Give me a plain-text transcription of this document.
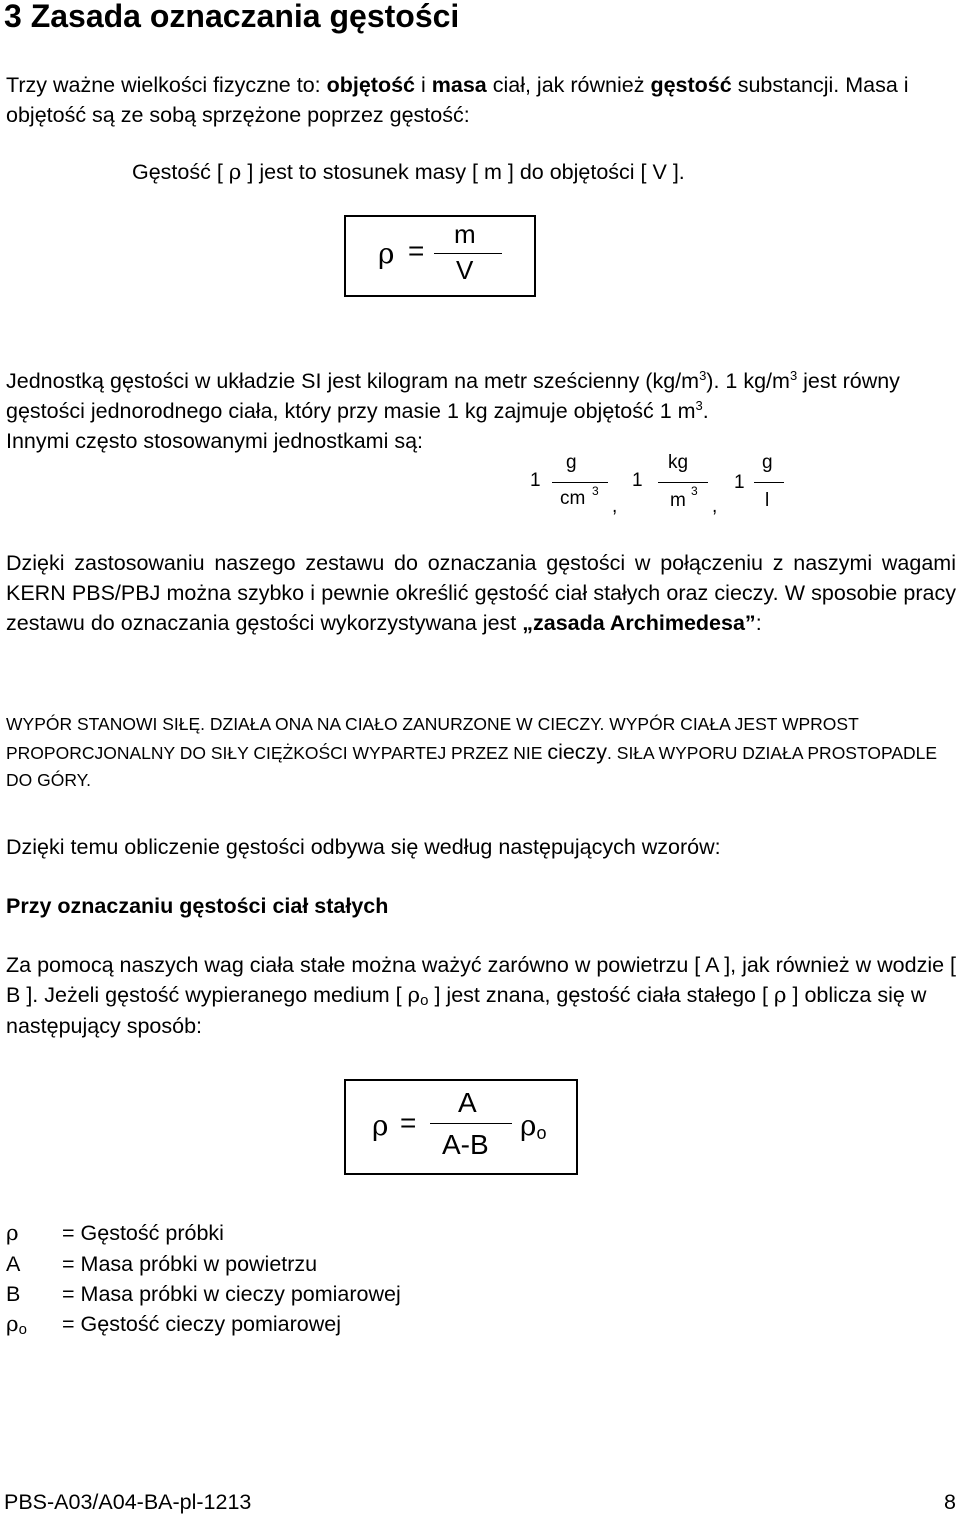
3 Zasada oznaczania gęstości
Trzy ważne wielkości fizyczne to: objętość i masa ciał, jak również gęstość substancji. Masa i objętość są ze sobą sprzężone poprzez gęstość:
Gęstość [ ρ ] jest to stosunek masy [ m ] do objętości [ V ].
ρ =
m
V
Jednostką gęstości w układzie SI jest kilogram na metr sześcienny $(kg/m^3)$. 1 $kg/m^3$ jest równy gęstości jednorodnego ciała, który przy masie 1 kg zajmuje objętość 1 $m^3$.
Innymi często stosowanymi jednostkami są:
1
g
cm 3
,
1
kg
m 3
,
1
g
l
Dzięki zastosowaniu naszego zestawu do oznaczania gęstości w połączeniu z naszymi wagami KERN PBS/PBJ można szybko i pewnie określić gęstość ciał stałych oraz cieczy. W sposobie pracy zestawu do oznaczania gęstości wykorzystywana jest „zasada Archimedesa”:
WYPÓR STANOWI SIŁĘ. DZIAŁA ONA NA CIAŁO ZANURZONE W CIECZY. WYPÓR CIAŁA JEST WPROST PROPORCJONALNY DO SIŁY CIĘŻKOŚCI WYPARTEJ PRZEZ NIE cieczy. SIŁA WYPORU DZIAŁA PROSTOPADLE DO GÓRY.
Dzięki temu obliczenie gęstości odbywa się według następujących wzorów:
Przy oznaczaniu gęstości ciał stałych
Za pomocą naszych wag ciała stałe można ważyć zarówno w powietrzu [ A ], jak również w wodzie [ B ]. Jeżeli gęstość wypieranego medium [ $\rho_o$ ] jest znana, gęstość ciała stałego [ ρ ] oblicza się w następujący sposób:
ρ =
A
A-B
ρo
ρ = Gęstość próbki
A = Masa próbki w powietrzu
B = Masa próbki w cieczy pomiarowej
$\rho_o$ = Gęstość cieczy pomiarowej
PBS-A03/A04-BA-pl-1213	8
